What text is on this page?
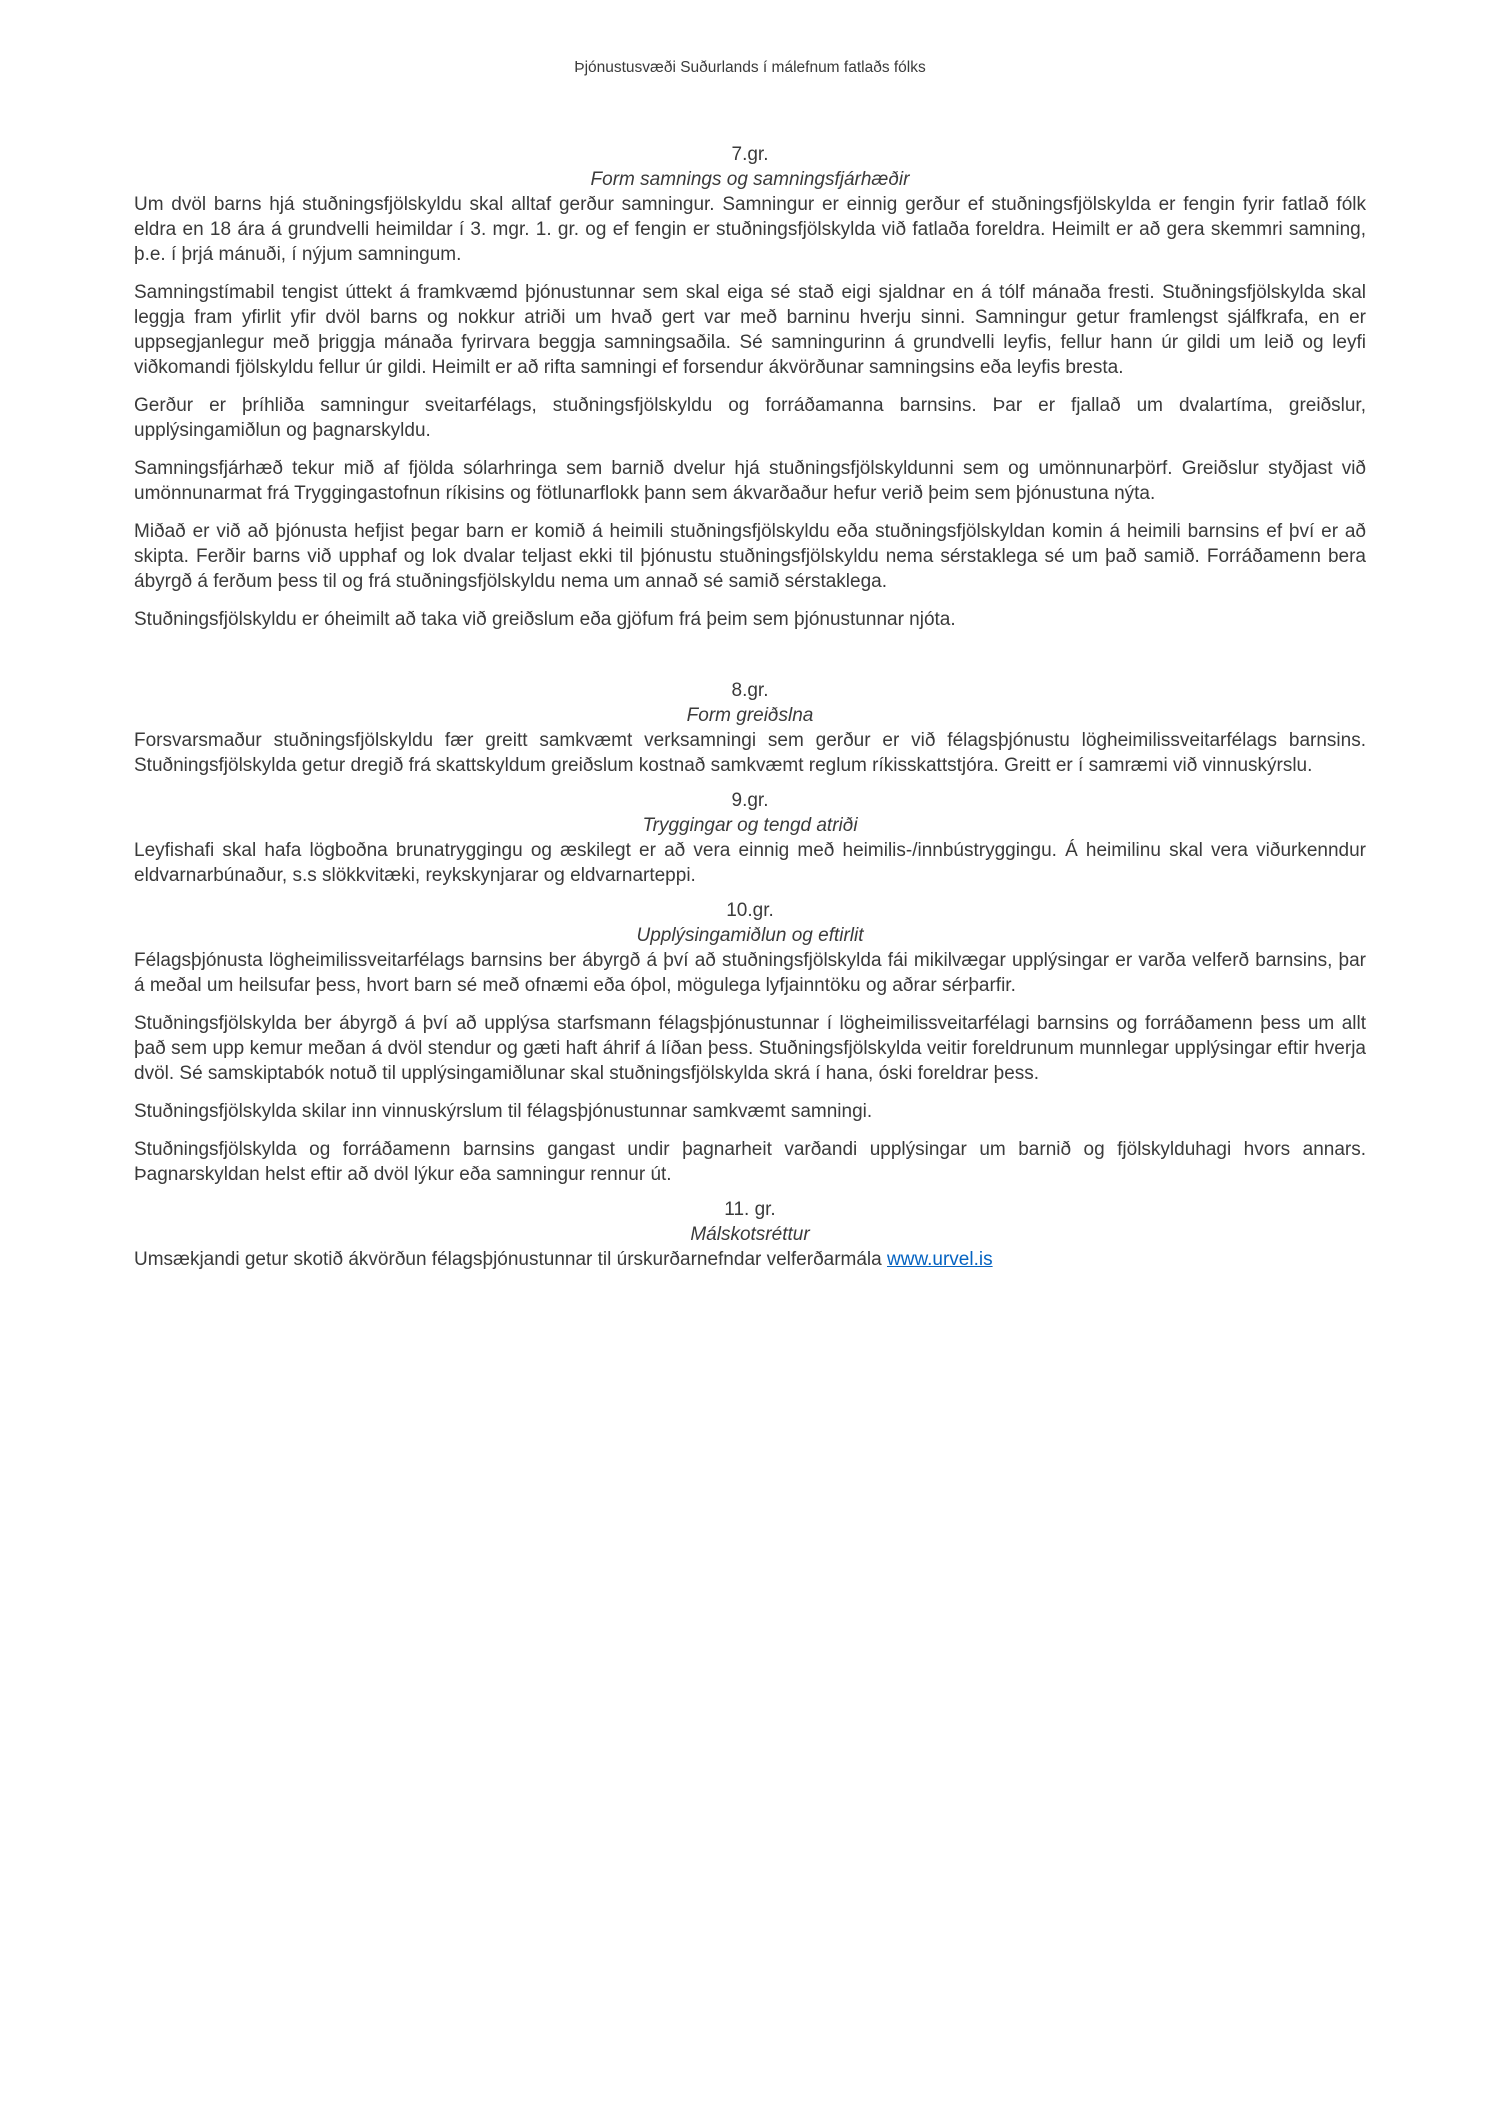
Þjónustusvæði Suðurlands í málefnum fatlaðs fólks
7.gr.
Form samnings og samningsfjárhæðir

Um dvöl barns hjá stuðningsfjölskyldu skal alltaf gerður samningur. Samningur er einnig gerður ef stuðningsfjölskylda er fengin fyrir fatlað fólk eldra en 18 ára á grundvelli heimildar í 3. mgr. 1. gr. og ef fengin er stuðningsfjölskylda við fatlaða foreldra. Heimilt er að gera skemmri samning, þ.e. í þrjá mánuði, í nýjum samningum.

Samningstímabil tengist úttekt á framkvæmd þjónustunnar sem skal eiga sé stað eigi sjaldnar en á tólf mánaða fresti. Stuðningsfjölskylda skal leggja fram yfirlit yfir dvöl barns og nokkur atriði um hvað gert var með barninu hverju sinni. Samningur getur framlengst sjálfkrafa, en er uppsegjanlegur með þriggja mánaða fyrirvara beggja samningsaðila. Sé samningurinn á grundvelli leyfis, fellur hann úr gildi um leið og leyfi viðkomandi fjölskyldu fellur úr gildi. Heimilt er að rifta samningi ef forsendur ákvörðunar samningsins eða leyfis bresta.

Gerður er þríhliða samningur sveitarfélags, stuðningsfjölskyldu og forráðamanna barnsins. Þar er fjallað um dvalartíma, greiðslur, upplýsingamiðlun og þagnarskyldu.

Samningsfjárhæð tekur mið af fjölda sólarhringa sem barnið dvelur hjá stuðningsfjölskyldunni sem og umönnunarþörf. Greiðslur styðjast við umönnunarmat frá Tryggingastofnun ríkisins og fötlunarflokk þann sem ákvarðaður hefur verið þeim sem þjónustuna nýta.

Miðað er við að þjónusta hefjist þegar barn er komið á heimili stuðningsfjölskyldu eða stuðningsfjölskyldan komin á heimili barnsins ef því er að skipta. Ferðir barns við upphaf og lok dvalar teljast ekki til þjónustu stuðningsfjölskyldu nema sérstaklega sé um það samið. Forráðamenn bera ábyrgð á ferðum þess til og frá stuðningsfjölskyldu nema um annað sé samið sérstaklega.

Stuðningsfjölskyldu er óheimilt að taka við greiðslum eða gjöfum frá þeim sem þjónustunnar njóta.

8.gr.
Form greiðslna

Forsvarsmaður stuðningsfjölskyldu fær greitt samkvæmt verksamningi sem gerður er við félagsþjónustu lögheimilissveitarfélags barnsins. Stuðningsfjölskylda getur dregið frá skattskyldum greiðslum kostnað samkvæmt reglum ríkisskattstjóra. Greitt er í samræmi við vinnuskýrslu.

9.gr.
Tryggingar og tengd atriði

Leyfishafi skal hafa lögboðna brunatryggingu og æskilegt er að vera einnig með heimilis-/innbústryggingu. Á heimilinu skal vera viðurkenndur eldvarnarbúnaður, s.s slökkvitæki, reykskynjarar og eldvarnarteppi.

10.gr.
Upplýsingamiðlun og eftirlit

Félagsþjónusta lögheimilissveitarfélags barnsins ber ábyrgð á því að stuðningsfjölskylda fái mikilvægar upplýsingar er varða velferð barnsins, þar á meðal um heilsufar þess, hvort barn sé með ofnæmi eða óþol, mögulega lyfjainntöku og aðrar sérþarfir.

Stuðningsfjölskylda ber ábyrgð á því að upplýsa starfsmann félagsþjónustunnar í lögheimilissveitarfélagi barnsins og forráðamenn þess um allt það sem upp kemur meðan á dvöl stendur og gæti haft áhrif á líðan þess. Stuðningsfjölskylda veitir foreldrunum munnlegar upplýsingar eftir hverja dvöl. Sé samskiptabók notuð til upplýsingamiðlunar skal stuðningsfjölskylda skrá í hana, óski foreldrar þess.

Stuðningsfjölskylda skilar inn vinnuskýrslum til félagsþjónustunnar samkvæmt samningi.

Stuðningsfjölskylda og forráðamenn barnsins gangast undir þagnarheit varðandi upplýsingar um barnið og fjölskylduhagi hvors annars. Þagnarskyldan helst eftir að dvöl lýkur eða samningur rennur út.

11. gr.
Málskotsréttur

Umsækjandi getur skotið ákvörðun félagsþjónustunnar til úrskurðarnefndar velferðarmála www.urvel.is
